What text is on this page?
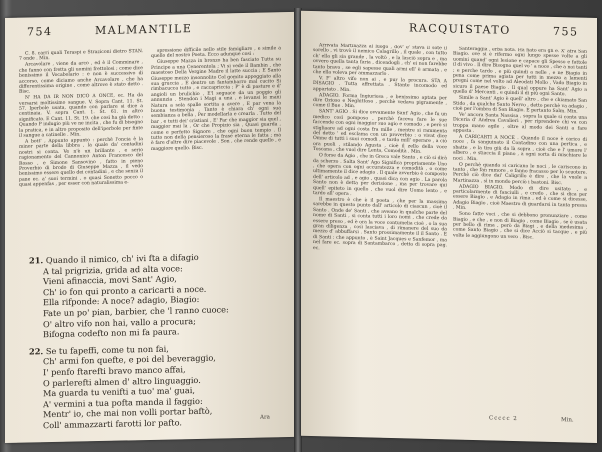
754	MALMANTILE

C. 8. carri quali Teraspi e Straziconi dietro STAN. 7 onde . Min.

Arcavolare , viene da arco , ed è il Comminare , che fanno con fretta gli uomini frettolosi ; come dice benissimo il Vocabolario : e non è successivo di accorso, come diciamo anche Arcavolare , che ha differentissima origine , come altrove è stato detto . Bisc.

N' HA DA IR NON DICO A ONCE, ec. Ha da versarsi moltissimo sangue. V. Sopra Cant. 11. St. 57. Iperbole usata, quando con parlare si dice a centinaia. V. sopra Cant. 1. St. 61. in altro significato. E Cant. 11. St. 19. che così ha già detto : Quando P indugio più ve ne incita , che fu di bisogno la pratica, e in altro proposito dell'iperbole per finte il sangue a catinelle . Min.

A bott' , Appunto appunto : perchè l'oncia è la minor parte della libbra , la quale da' contadini nostri si conta. Ve n'è un brillante , e serio ragionamento del Cannonico Anton Francesco del Rosso , e Simone Sansovino , fatto in pieno Proverbio di brodo di Giuseppe Mazza , il vedo benissimo essere quello dei contadini , e che senza il pane ec. a' suoi termini , o quasi Sonetto pocco o quasi appenfas , per esser con naturalissima e-

spressione difficile nello stile famigliare , e simile a quello del nostro Poeta. Ecco adunque così :

Giuseppe Mazza in bronzo ha ben fasciato Tutta su Principe a una Cenerentola ; Vi si vede il Bambin , che maestoso Della Vergine Madre il latte succia ; E Santo Giuseppe mezzo insonnolito Col gomito appoggiato alla sua gruccia , E dentro un fantambarro mal cucito Si rimbacucca tutto , e raccapriccia ; P' è di pasture e d' angioli un brulichio , E'l seguace da un poggio gli annunzia . Stendon i Magi a una , e levansi le mani Natura a sola spalle sortita a avere , E par vena la buona testimonia , Tanto è chiara ch' ogni sua sembianza a bella , Per modellarla e crearla . Tutto del bar , e tutti dei' cristiani , E' Par che maggior sia quel , maggior mai la , Or che Propizio sia , Quasi guarda , come e perfetto Signore , che ogni buon tempio . Il tutto non della pensieroso la frase eterna le fatta ; ma è fare d'altre dire piacevole . Son , che rende quello , e maggiore quello. Bisc.

21. Quando il nimico, ch' ivi fta a difagio
A tal prigrizia, grida ad alta voce:
Vieni afinaccia, movi Sant' Agio,
Ch' io fon qui pronto a caricarti a noce.
Ella rifponde: A noce? adagio, Biagio:
Fate un po' pian, barbier, che 'l ranno cuoce:
O' altro vifo non hai, vallo a procura;
Bifogna codefto non mi fa paura.
22. Se tu fapeffi, come tu non fai,
Ch' armi fon quefte, e poi del beveraggio,
I' penfo ftarefti bravo manco affai,
O parlerefti almen d' altro linguaggio.
Ma guarda tu venifti a tuo' ma' guai,
A' vermini a tua pofta manda il faggio:
Mentr' io, che mai non volli portar baftò,
Coll' ammazzarti farotti lor pafto.	Ara
RACQUISTATO	755

Arrivata Martinazza al luogo , dov' e' stava il sote il sorello , vi trovò il nemico Calagrillo , il quale , con tutto ch' ella gli sia grande , la voltò , e la lasciò sopra e , ma ovvero quella tanta faria , dicendogli , ch' ei non farebbe tanto bravo , se egli sapesse quali armi ell' è armata , e che ella voleva per ammazzarlo .

V. F' altro vifo non ai , e pur la procura. STA A DISAGIO . Tutta affrettata . Stante incomodo ed appartato . Min.

ADAGIO. Forma Ingiuriosa , e benissimo aptata per dire Ozioso e Neghittoso , perchè vedava pigramente , come il Bue . Min.

SANT' AGIO . Si dice ovvamente Sant' Agio , che fu un medico così pomposo , perchè faceva fare le sue faccende con ogni maggior suo agio e comodo , e però si stigliaare ad ogni costa fra mille , mentre si rammenta del detto ' ed esclama con un proverbio : o vivat dice Omne di tutti i suoi comodi , e tardo mill' operare , a ciò ora puoli , stilando Agusta , cioè il zello della voce Toscana , che vuol dire Lenta, Comodità . Min.

O forse da Agio , che in Greco vale Santo , e ciò si dirà da scherzo . Salta Sant' Ago Significa propriamente Uno , che opera con ogni accuratezza e comodità , o come ultimamente il dice adagio . Il quale avverbio è composto dell' articolo ad , e agio , quasi dica con agio . La parola Santo non è detta per derisione , ma per trovare qui quell' epiteto in quello , che vuol dire Uomo lento , e tardo all' opera .

Il maestro è che è il poeta , che per la massima sarebbe in questo punto dall' articolo di ciascun , cioè il Santo . Onde de' Santi , che aveano in qualche parte del nome di Santi , si conta tutti i loro nomi , che crede da essere preso , ed è ora la voce contumelia cioè , o la sua gran diligenza , così lasciava , di rimanere del suo da mezzo d' abbuffarsi . Santo prossimamente il il Santo . E di Santi : che appunto , è Saint Jacques e Sanfemor , ma nel fare ec. sopra di Santambarco , detto di sopra pag. ec.

Santeraggia , erba nota. Ha fiato era gli e. X' afra San Biagio. ove si è rifermo ogni lungo spesse volte a gli uomini quand' ogni lesione e capace gli Spesso e fattole il di vivo . Il dire Bisogno quel vo ' a noce , che a noi tanti ; e perche tardo , e più quindi a nelle , e ne Biagio in pena come prima agiata per tutti in mezzo a lamenti pregni come nel volto ad Aleodati Mollo , Vado Biagio in sicuro il paese Biagio . Il qual oppure ha Sant' Agio a quello d' Mercanti , e quindi il di più ogni Santo.

Simile a Sant' Agio è quell' altro , che e chiamato San Stido , da qualche Santo Nervo , detto perchè va adagio , cioè per l'ombra di San Biagio. E pertanto Salm. Min.

Ve' ancora Santa Nassisa , sopra la quale si conta una Diceria d' Andrea Cavalieri , per riprendere chi va con troppa mano agile , oltre al modo dei Santi a fare apposta .

A CARICARTI A NOCE . Quando il noce è carico di noce , fa sanguinato il Contadino con una pertica , e sbatte , e la tira giù da là sopra , cioè che e l' umore l' albero , e stiaccia il piano , a ogni sorta di mischiare le noci . Min.

O perchè quando si caricano le noci , le cariscono in tanto , che fan rumore , e fanno fracasso per lo scuotere. Perchè ciò dice dai' Caligrillo è dire , che la vuole a Martinazza , sì in mondo perciò i bastoni. Bisc.

ADAGIO BIAGIO. Modo di dire usitato , e particolarmente di fanciulli , e credo , che si dica per essere Biagio , e Adagio in rima , ed è come si dicesse, Adagio Biagio , cioè Maestro di guardarsi in tanta pressa . Min.

Sono fatte voci , che si debbono pronunziare , come Biagio , e che , e non di Biagio , come Biagio , se è usata per bello di rima , però da Biagi , e della medesima , come Santo Biagio , che si dice Acciò si tacque , e più volte le aggiungono un vero . Bisc.

Ccccc 2	Min.
